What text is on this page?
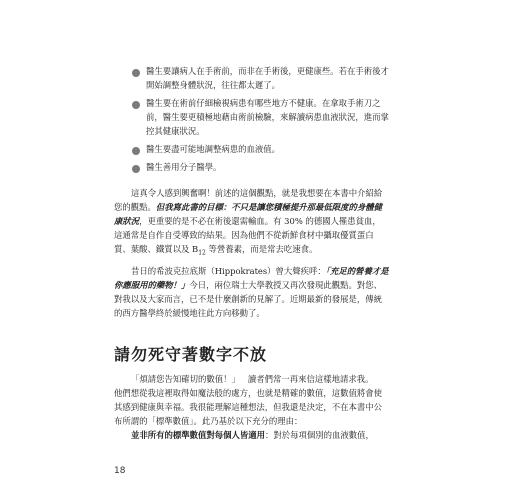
醫生要讓病人在手術前，而非在手術後，更健康些。若在手術後才
開始調整身體狀況，往往都太遲了。
醫生要在術前仔細檢視病患有哪些地方不健康。在拿取手術刀之
前，醫生要更積極地藉由術前檢驗，來解讀病患血液狀況，進而掌
控其健康狀況。
醫生要盡可能地調整病患的血液值。
醫生善用分子醫學。
這真令人感到興奮啊！前述的這個觀點，就是我想要在本書中介紹給
您的觀點。但我寫此書的目標：不只是讓您積極提升那最低限度的身體健
康狀況，更重要的是不必在術後還需輸血。有 30% 的德國人罹患貧血，
這通常是自作自受導致的結果。因為他們不從新鮮食材中攝取優質蛋白
質、葉酸、鐵質以及 $B_{12}$ 等營養素，而是常去吃速食。
昔日的希波克拉底斯（Hippokrates）曾大聲疾呼：「充足的營養才是
你應服用的藥物！」今日，兩位瑞士大學教授又再次發現此觀點。對您、
對我以及大家而言，已不是什麼創新的見解了。近期最新的發展是，傳統
的西方醫學終於緩慢地往此方向移動了。
請勿死守著數字不放
「煩請您告知確切的數值！」 讀者們常一再來信這樣地請求我。
他們想從我這裡取得如魔法般的處方，也就是精確的數值，這數值將會使
其感到健康與幸福。我很能理解這種想法，但我還是決定，不在本書中公
布所謂的「標準數值」。此乃基於以下充分的理由：
並非所有的標準數值對每個人皆適用：對於每項個別的血液數值，
18
